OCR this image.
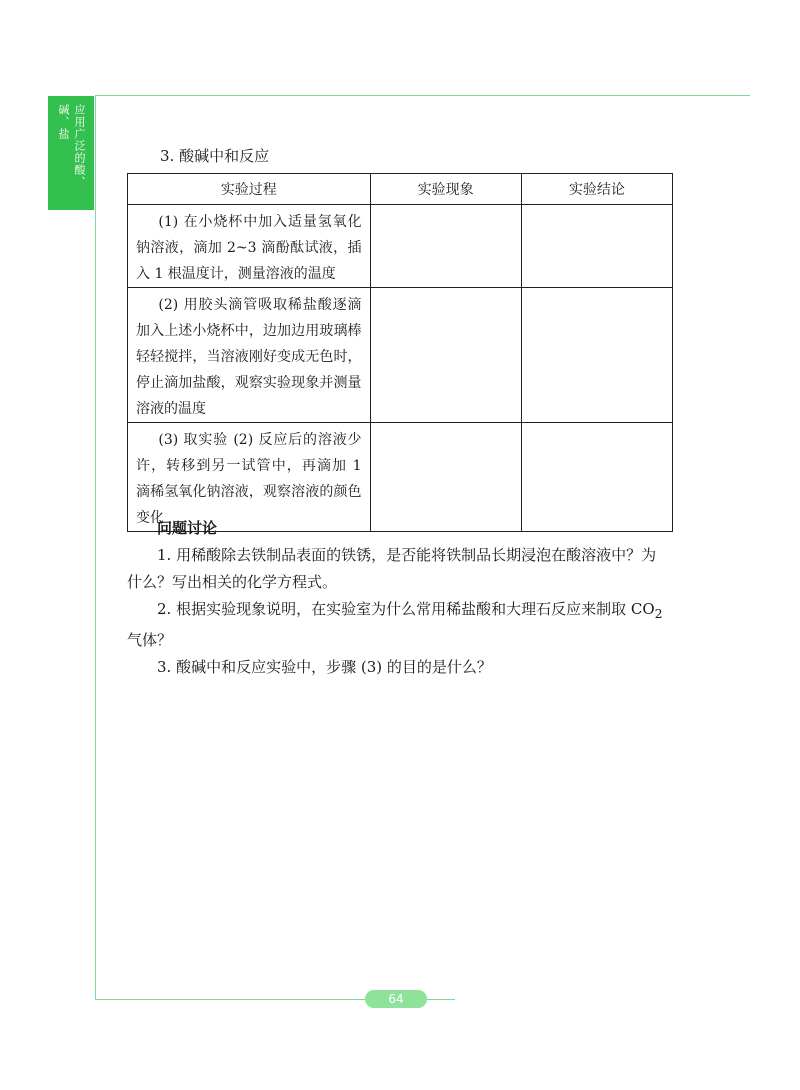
应用广泛的酸、碱、盐
3. 酸碱中和反应
实验过程	实验现象	实验结论
(1) 在小烧杯中加入适量氢氧化钠溶液，滴加 2~3 滴酚酞试液，插入 1 根温度计，测量溶液的温度		
(2) 用胶头滴管吸取稀盐酸逐滴加入上述小烧杯中，边加边用玻璃棒轻轻搅拌，当溶液刚好变成无色时，停止滴加盐酸，观察实验现象并测量溶液的温度		
(3) 取实验 (2) 反应后的溶液少许，转移到另一试管中，再滴加 1 滴稀氢氧化钠溶液，观察溶液的颜色变化		

问题讨论

1. 用稀酸除去铁制品表面的铁锈，是否能将铁制品长期浸泡在酸溶液中？为什么？写出相关的化学方程式。

2. 根据实验现象说明，在实验室为什么常用稀盐酸和大理石反应来制取 $CO_2$ 气体？

3. 酸碱中和反应实验中，步骤 (3) 的目的是什么？

64
